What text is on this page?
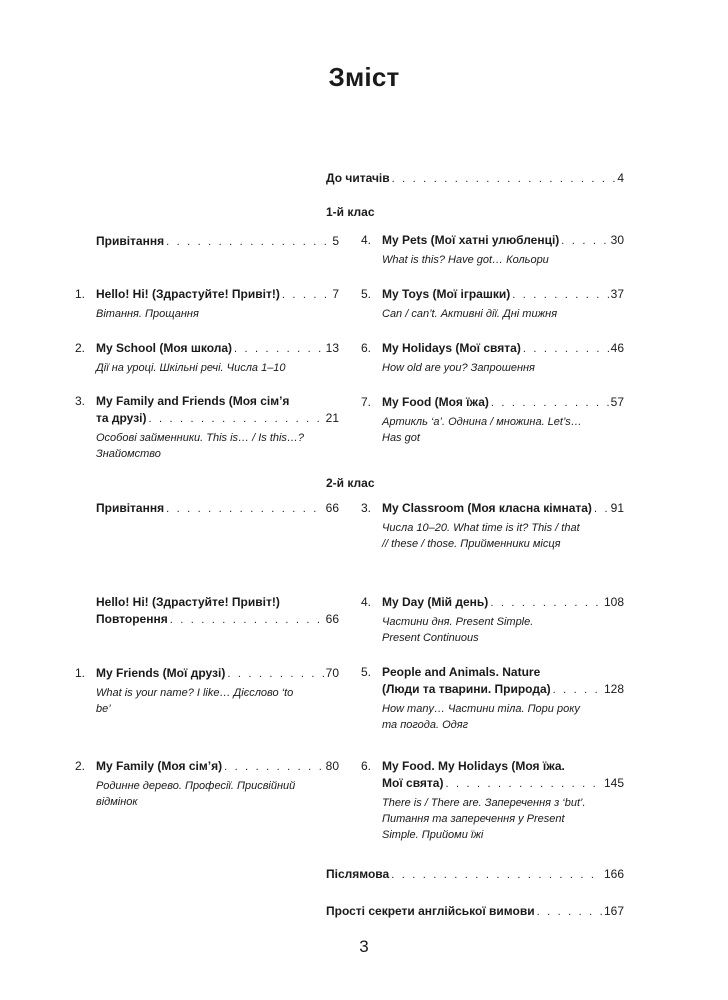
Зміст
До читачів . . .	4
1-й клас
Привітання . . .	5
1. Hello! Hi! (Здрастуйте! Привіт!) . . .	7
Вітання. Прощання
2. My School (Моя школа) . . .	13
Дії на уроці. Шкільні речі. Числа 1–10
3. My Family and Friends (Моя сім’я
та друзі) . . .	21
Особові займенники. This is… / Is this…? Знайомство
4. My Pets (Мої хатні улюбленці) . . .	30
What is this? Have got… Кольори
5. My Toys (Мої іграшки) . . .	37
Can / can’t. Активні дії. Дні тижня
6. My Holidays (Мої свята) . . .	46
How old are you? Запрошення
7. My Food (Моя їжа) . . .	57
Артикль ‘a’. Однина / множина. Let’s… Has got
2-й клас
Привітання . . .	66
Hello! Hi! (Здрастуйте! Привіт!)
Повторення . . .	66
1. My Friends (Мої друзі) . . .	70
What is your name? I like… Дієслово ‘to be’
2. My Family (Моя сім’я) . . .	80
Родинне дерево. Професії. Присвійний відмінок
3. My Classroom (Моя класна кімната) . . . 91
Числа 10–20. What time is it? This / that // these / those. Прийменники місця
4. My Day (Мій день) . . .	108
Частини дня. Present Simple. Present Continuous
5. People and Animals. Nature
(Люди та тварини. Природа) . . .	128
How many… Частини тіла. Пори року та погода. Одяг
6. My Food. My Holidays (Моя їжа.
Мої свята) . . .	145
There is / There are. Заперечення з ‘but’. Питання та заперечення у Present Simple. Прийоми їжі
Післямова . . .	166
Прості секрети англійської вимови . . .	167
3
